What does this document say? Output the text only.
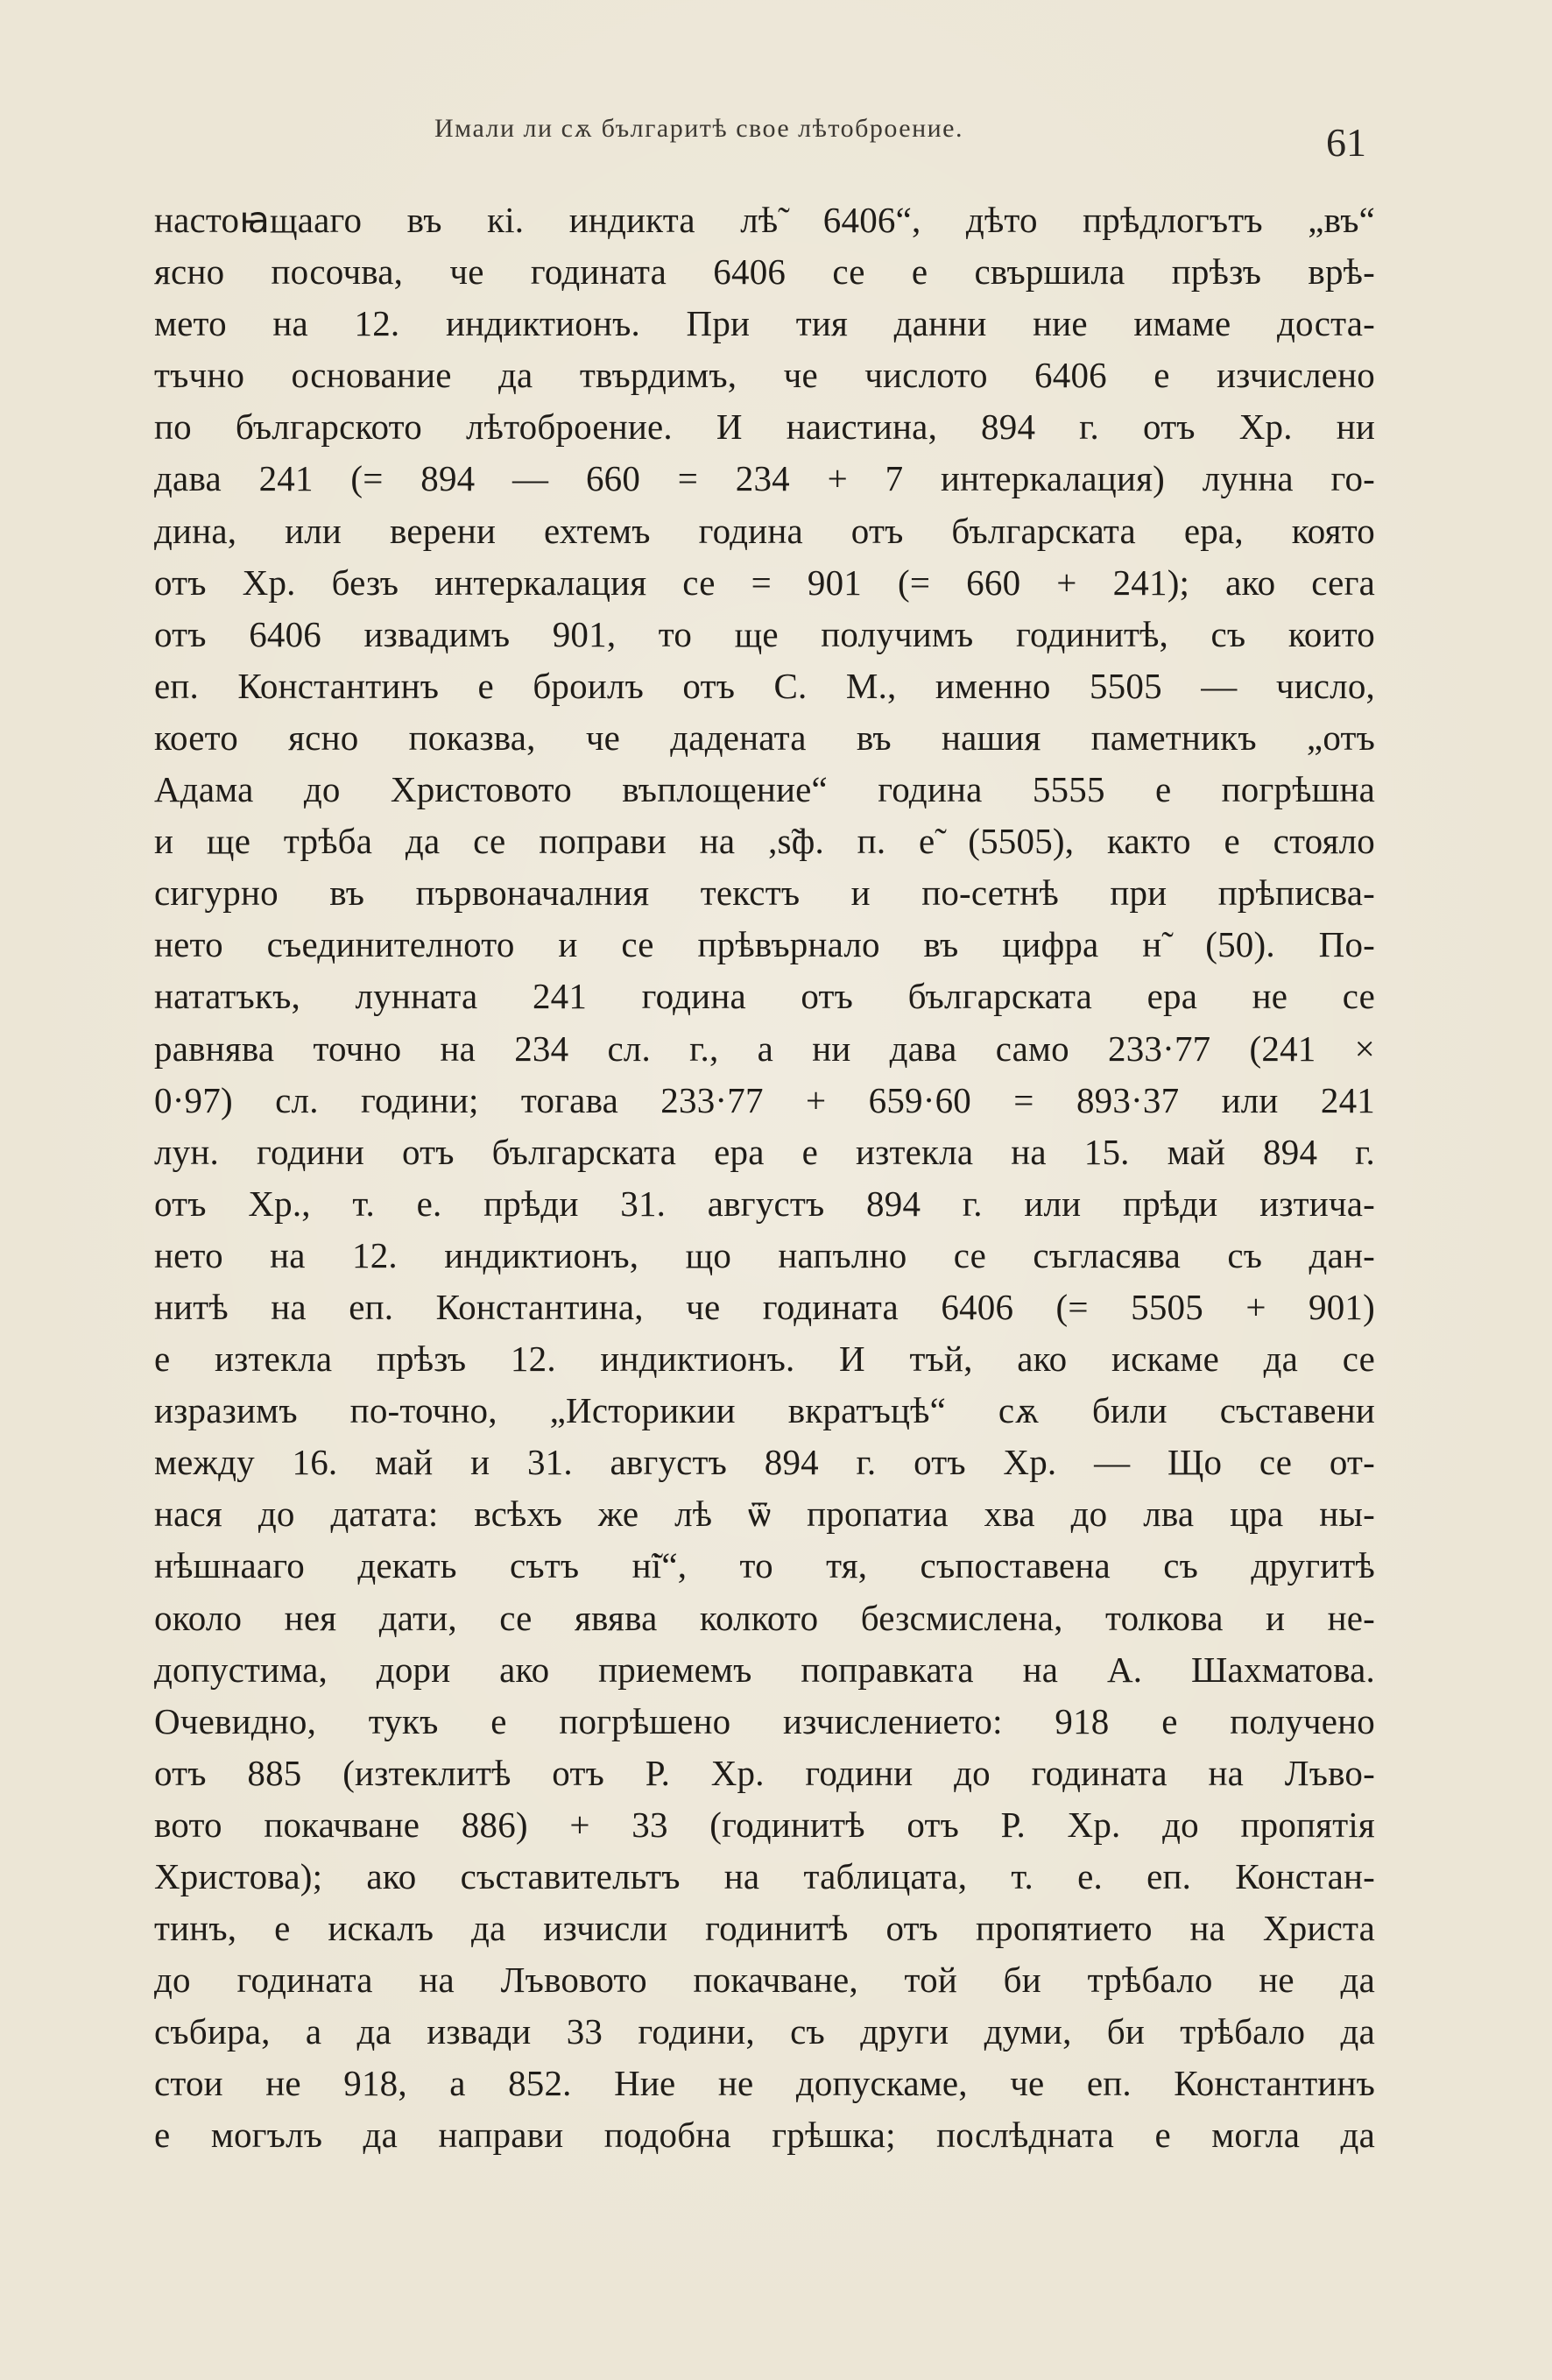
Имали ли сѫ българитѣ свое лѣтоброение.	61
настоꙗщааго въ кі. индикта лѣ̃ 6406“, дѣто прѣдлогътъ „въ“
ясно посочва, че годината 6406 се е свършила прѣзъ врѣ-
мето на 12. индиктионъ. При тия данни ние имаме доста-
тъчно основание да твърдимъ, че числото 6406 е изчислено
по българското лѣтоброение. И наистина, 894 г. отъ Хр. ни
дава 241 (= 894 — 660 = 234 + 7 интеркалация) лунна го-
дина, или верени ехтемъ година отъ българската ера, която
отъ Хр. безъ интеркалация се = 901 (= 660 + 241); ако сега
отъ 6406 извадимъ 901, то ще получимъ годинитѣ, съ които
еп. Константинъ е броилъ отъ С. М., именно 5505 — число,
което ясно показва, че дадената въ нашия паметникъ „отъ
Адама до Христовото въплощение“ година 5555 е погрѣшна
и ще трѣба да се поправи на ,ѕ̃ф. п. е̃ (5505), както е стояло
сигурно въ първоначалния текстъ и по-сетнѣ при прѣписва-
нето съединителното и се прѣвърнало въ цифра н̃ (50). По-
нататъкъ, лунната 241 година отъ българската ера не се
равнява точно на 234 сл. г., а ни дава само 233·77 (241 ×
0·97) сл. години; тогава 233·77 + 659·60 = 893·37 или 241
лун. години отъ българската ера е изтекла на 15. май 894 г.
отъ Хр., т. е. прѣди 31. августъ 894 г. или прѣди изтича-
нето на 12. индиктионъ, що напълно се съгласява съ дан-
нитѣ на еп. Константина, че годината 6406 (= 5505 + 901)
е изтекла прѣзъ 12. индиктионъ. И тъй, ако искаме да се
изразимъ по-точно, „Историкии вкратъцѣ“ сѫ били съставени
между 16. май и 31. августъ 894 г. отъ Хр. — Що се от-
нася до датата: всѣхъ же лѣ ѿ пропатиа хва до лва цра ны-
нѣшнааго декать сътъ н̃і“, то тя, съпоставена съ другитѣ
около нея дати, се явява колкото безсмислена, толкова и не-
допустима, дори ако приемемъ поправката на А. Шахматова.
Очевидно, тукъ е погрѣшено изчислението: 918 е получено
отъ 885 (изтеклитѣ отъ Р. Хр. години до годината на Лъво-
вото покачване 886) + 33 (годинитѣ отъ Р. Хр. до пропятія
Христова); ако съставительтъ на таблицата, т. е. еп. Констан-
тинъ, е искалъ да изчисли годинитѣ отъ пропятието на Христа
до годината на Лъвовото покачване, той би трѣбало не да
събира, а да извади 33 години, съ други думи, би трѣбало да
стои не 918, а 852. Ние не допускаме, че еп. Константинъ
е могълъ да направи подобна грѣшка; послѣдната е могла да
